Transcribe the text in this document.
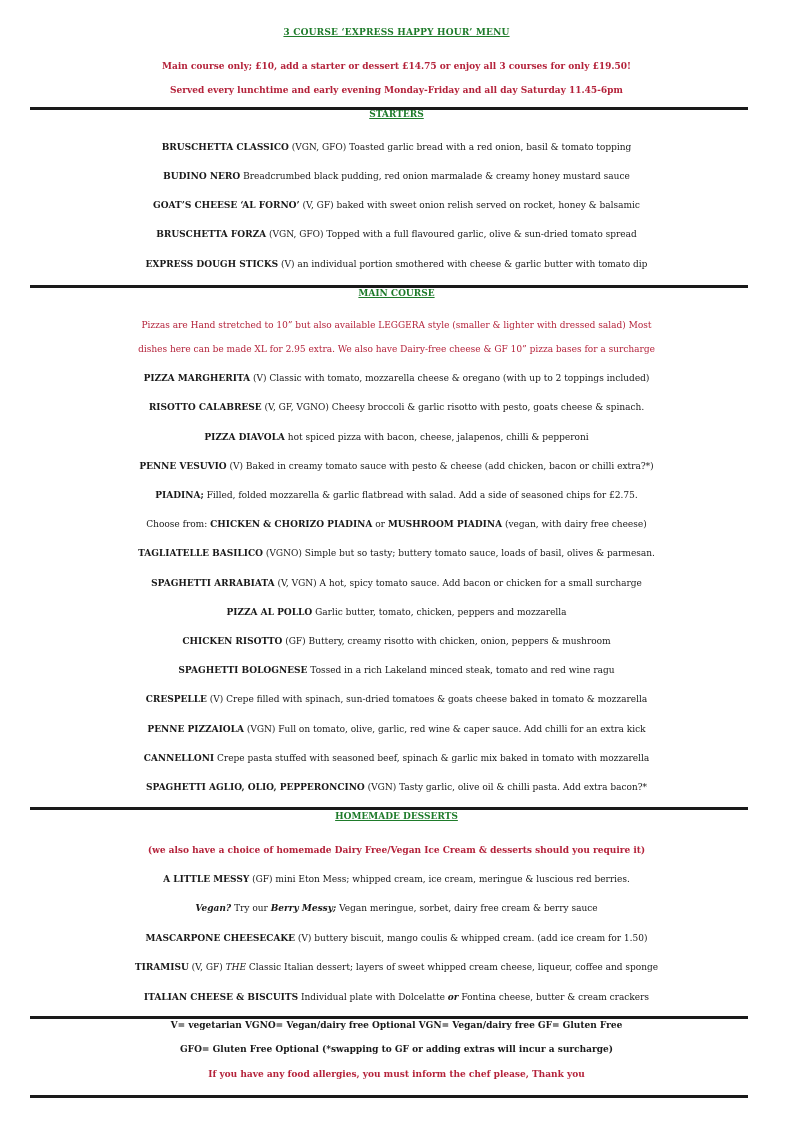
3 COURSE ‘EXPRESS HAPPY HOUR’ MENU
Main course only; £10, add a starter or dessert £14.75 or enjoy all 3 courses for only £19.50!
Served every lunchtime and early evening Monday-Friday and all day Saturday 11.45-6pm
STARTERS
BRUSCHETTA CLASSICO (VGN, GFO) Toasted garlic bread with a red onion, basil & tomato topping
BUDINO NERO Breadcrumbed black pudding, red onion marmalade & creamy honey mustard sauce
GOAT’S CHEESE ‘AL FORNO’ (V, GF) baked with sweet onion relish served on rocket, honey & balsamic
BRUSCHETTA FORZA (VGN, GFO) Topped with a full flavoured garlic, olive & sun-dried tomato spread
EXPRESS DOUGH STICKS (V) an individual portion smothered with cheese & garlic butter with tomato dip
MAIN COURSE
Pizzas are Hand stretched to 10” but also available LEGGERA style (smaller & lighter with dressed salad) Most
dishes here can be made XL for 2.95 extra. We also have Dairy-free cheese & GF 10” pizza bases for a surcharge
PIZZA MARGHERITA (V) Classic with tomato, mozzarella cheese & oregano (with up to 2 toppings included)
RISOTTO CALABRESE (V, GF, VGNO) Cheesy broccoli & garlic risotto with pesto, goats cheese & spinach.
PIZZA DIAVOLA hot spiced pizza with bacon, cheese, jalapenos, chilli & pepperoni
PENNE VESUVIO (V) Baked in creamy tomato sauce with pesto & cheese (add chicken, bacon or chilli extra?*)
PIADINA; Filled, folded mozzarella & garlic flatbread with salad. Add a side of seasoned chips for £2.75.
Choose from: CHICKEN & CHORIZO PIADINA or MUSHROOM PIADINA (vegan, with dairy free cheese)
TAGLIATELLE BASILICO (VGNO) Simple but so tasty; buttery tomato sauce, loads of basil, olives & parmesan.
SPAGHETTI ARRABIATA (V, VGN) A hot, spicy tomato sauce. Add bacon or chicken for a small surcharge
PIZZA AL POLLO Garlic butter, tomato, chicken, peppers and mozzarella
CHICKEN RISOTTO (GF) Buttery, creamy risotto with chicken, onion, peppers & mushroom
SPAGHETTI BOLOGNESE Tossed in a rich Lakeland minced steak, tomato and red wine ragu
CRESPELLE (V) Crepe filled with spinach, sun-dried tomatoes & goats cheese baked in tomato & mozzarella
PENNE PIZZAIOLA (VGN) Full on tomato, olive, garlic, red wine & caper sauce. Add chilli for an extra kick
CANNELLONI Crepe pasta stuffed with seasoned beef, spinach & garlic mix baked in tomato with mozzarella
SPAGHETTI AGLIO, OLIO, PEPPERONCINO (VGN) Tasty garlic, olive oil & chilli pasta. Add extra bacon?*
HOMEMADE DESSERTS
(we also have a choice of homemade Dairy Free/Vegan Ice Cream & desserts should you require it)
A LITTLE MESSY (GF) mini Eton Mess; whipped cream, ice cream, meringue & luscious red berries.
Vegan? Try our Berry Messy; Vegan meringue, sorbet, dairy free cream & berry sauce
MASCARPONE CHEESECAKE (V) buttery biscuit, mango coulis & whipped cream. (add ice cream for 1.50)
TIRAMISU (V, GF) THE Classic Italian dessert; layers of sweet whipped cream cheese, liqueur, coffee and sponge
ITALIAN CHEESE & BISCUITS Individual plate with Dolcelatte or Fontina cheese, butter & cream crackers
V= vegetarian VGNO= Vegan/dairy free Optional VGN= Vegan/dairy free GF= Gluten Free
GFO= Gluten Free Optional (*swapping to GF or adding extras will incur a surcharge)
If you have any food allergies, you must inform the chef please, Thank you
